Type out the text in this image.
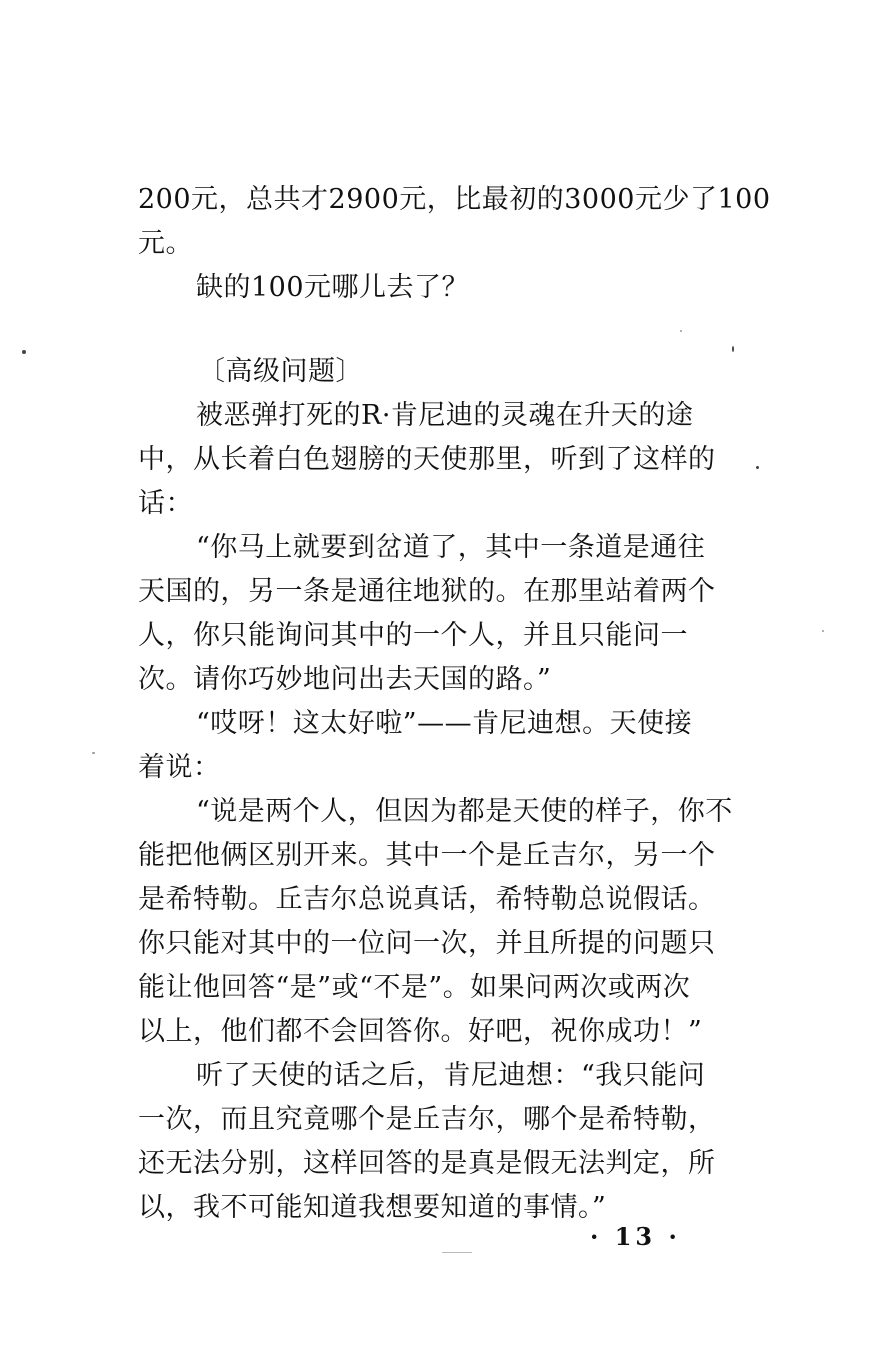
200元，总共才2900元，比最初的3000元少了100
元。
缺的100元哪儿去了？
〔高级问题〕
被恶弹打死的R·肯尼迪的灵魂在升天的途
中，从长着白色翅膀的天使那里，听到了这样的
话：
“你马上就要到岔道了，其中一条道是通往
天国的，另一条是通往地狱的。在那里站着两个
人，你只能询问其中的一个人，并且只能问一
次。请你巧妙地问出去天国的路。”
“哎呀！这太好啦”——肯尼迪想。天使接
着说：
“说是两个人，但因为都是天使的样子，你不
能把他俩区别开来。其中一个是丘吉尔，另一个
是希特勒。丘吉尔总说真话，希特勒总说假话。
你只能对其中的一位问一次，并且所提的问题只
能让他回答“是”或“不是”。如果问两次或两次
以上，他们都不会回答你。好吧，祝你成功！”
听了天使的话之后，肯尼迪想：“我只能问
一次，而且究竟哪个是丘吉尔，哪个是希特勒，
还无法分别，这样回答的是真是假无法判定，所
以，我不可能知道我想要知道的事情。”
· 13 ·
